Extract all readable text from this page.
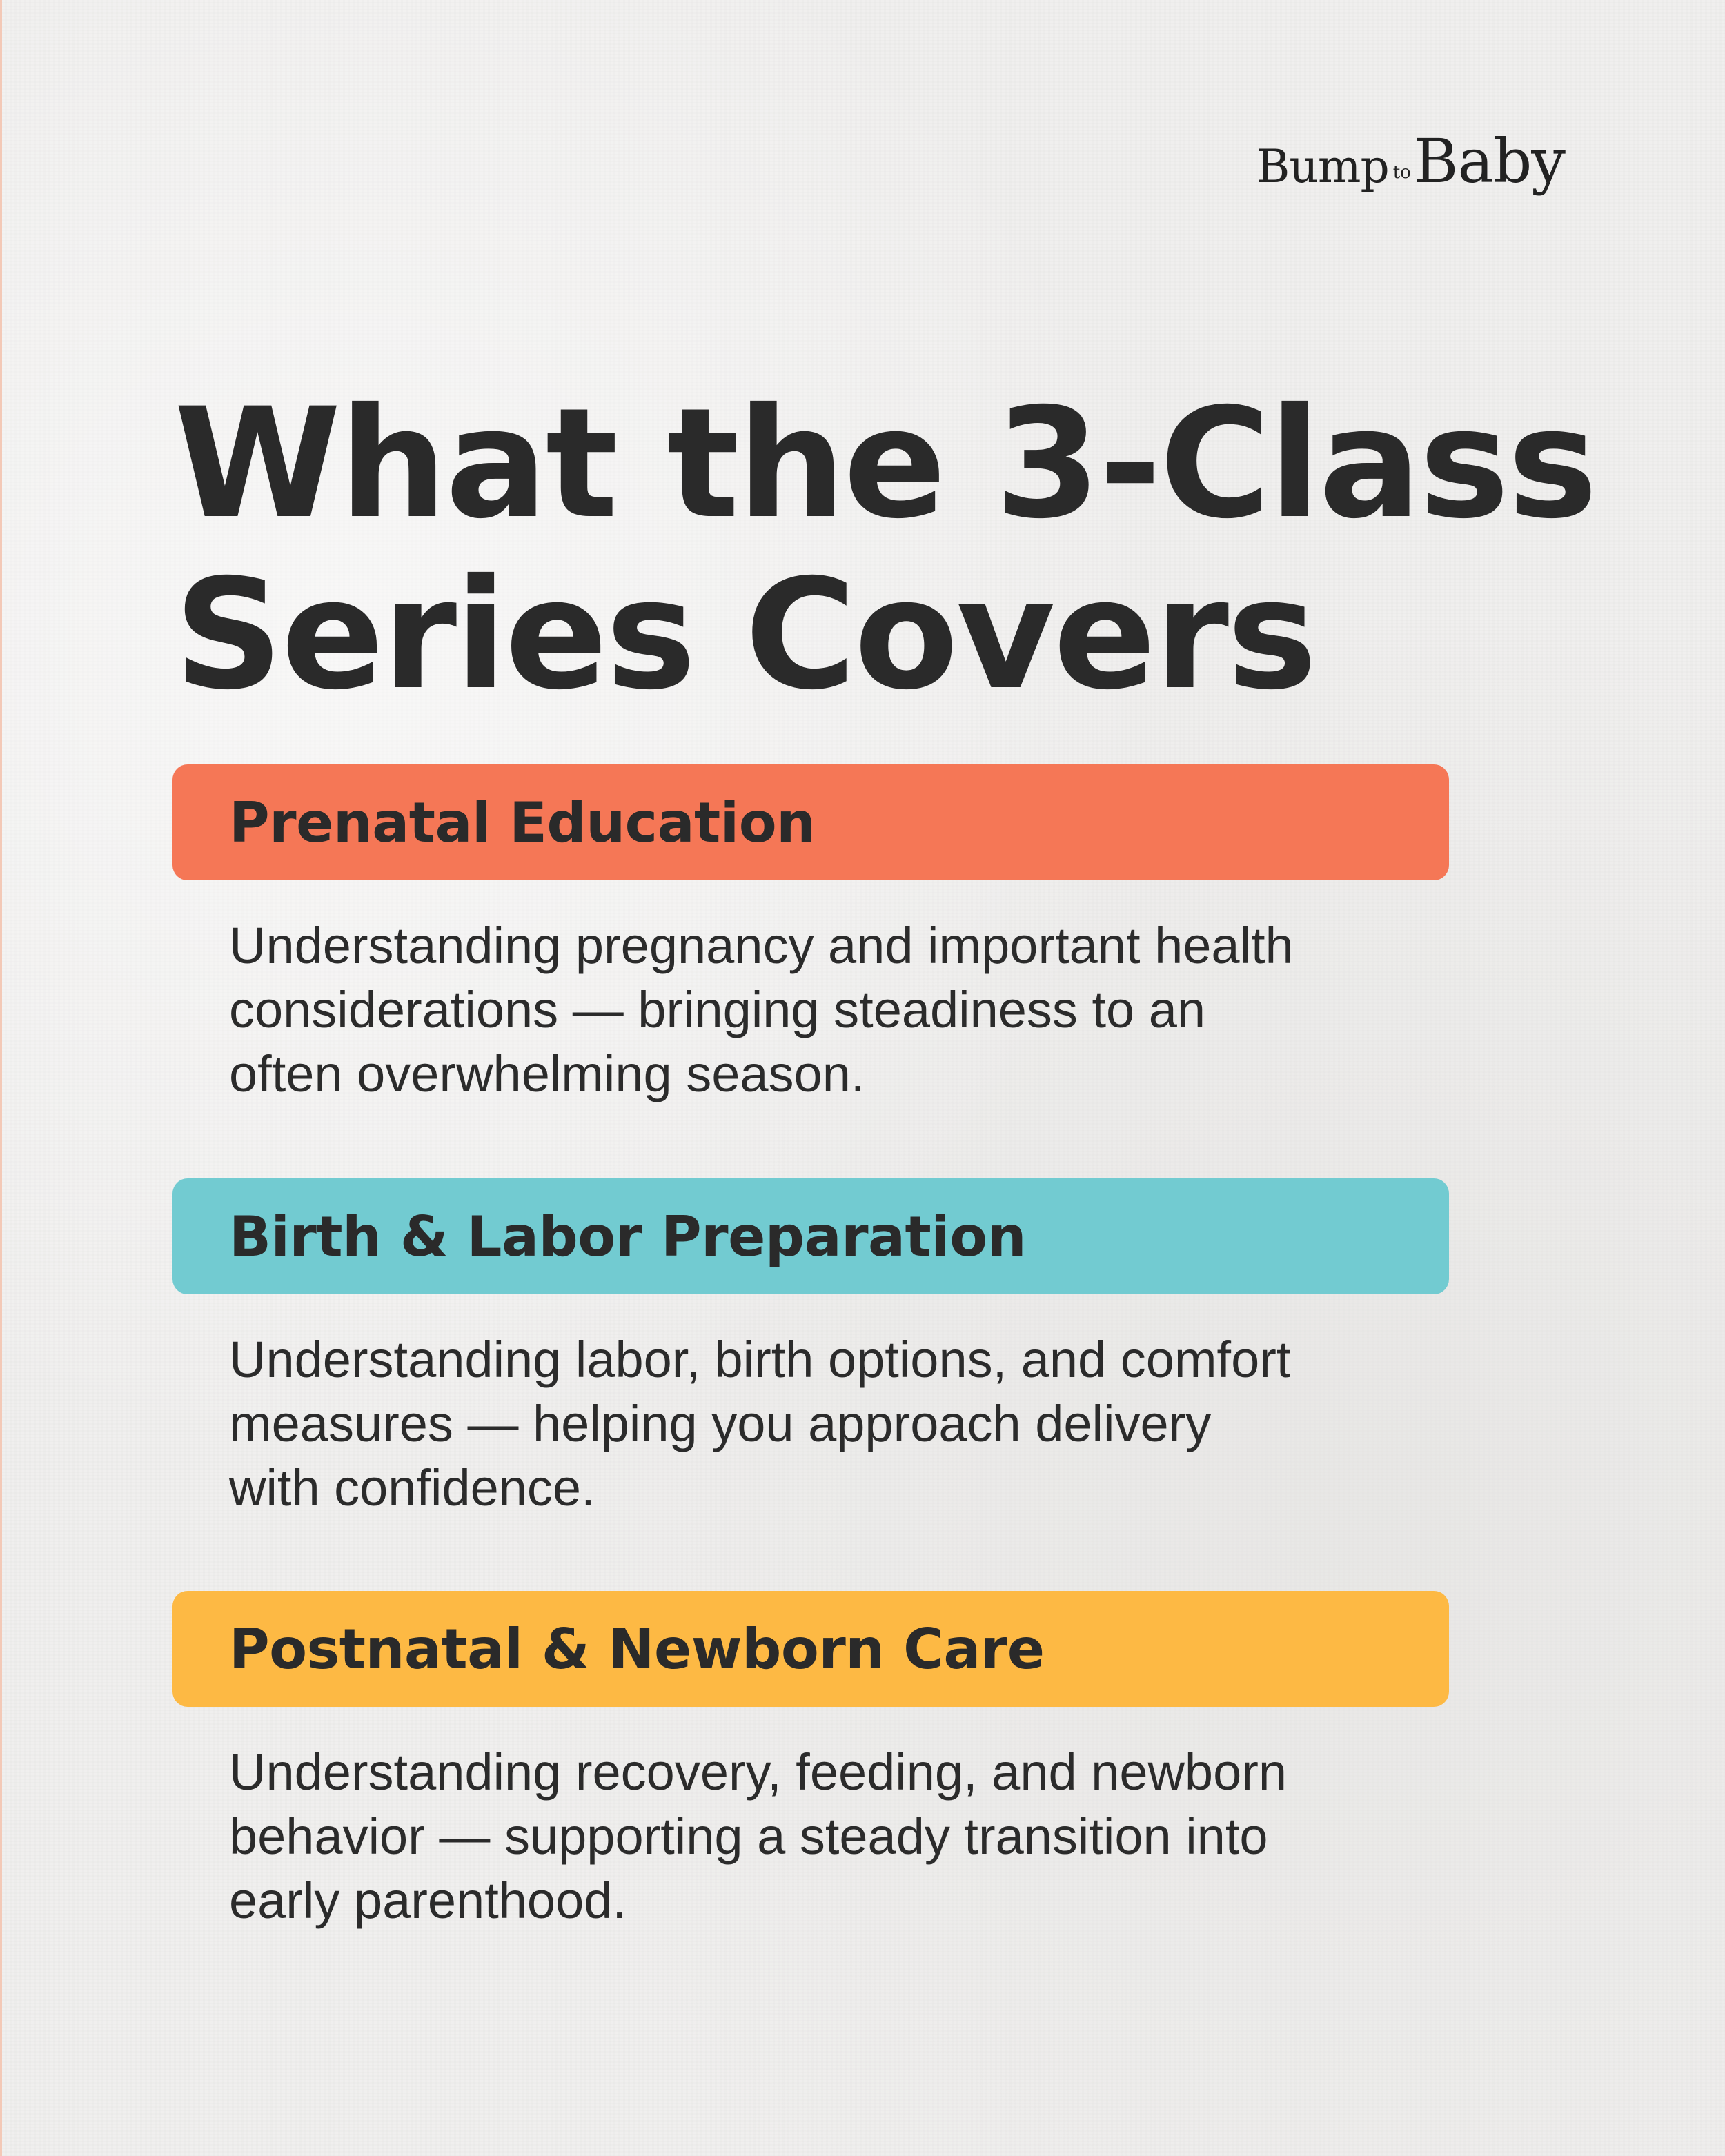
Bump to Baby
What the 3-Class
Series Covers
Prenatal Education
Understanding pregnancy and important health
considerations — bringing steadiness to an
often overwhelming season.
Birth & Labor Preparation
Understanding labor, birth options, and comfort
measures — helping you approach delivery
with confidence.
Postnatal & Newborn Care
Understanding recovery, feeding, and newborn
behavior — supporting a steady transition into
early parenthood.
